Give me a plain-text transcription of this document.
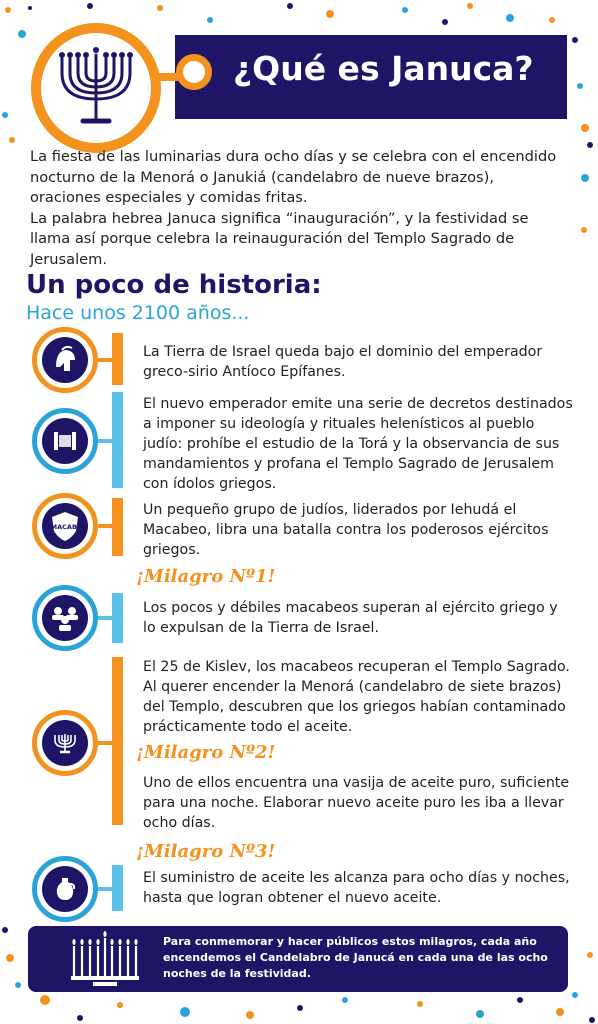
¿Qué es Januca?

La fiesta de las luminarias dura ocho días y se celebra con el encendido nocturno de la Menorá o Janukiá (candelabro de nueve brazos), oraciones especiales y comidas fritas.

La palabra hebrea Januca significa “inauguración”, y la festividad se llama así porque celebra la reinauguración del Templo Sagrado de Jerusalem.

Un poco de historia:
Hace unos 2100 años...
La Tierra de Israel queda bajo el dominio del emperador greco-sirio Antíoco Epífanes.
El nuevo emperador emite una serie de decretos destinados a imponer su ideología y rituales helenísticos al pueblo judío: prohíbe el estudio de la Torá y la observancia de sus mandamientos y profana el Templo Sagrado de Jerusalem con ídolos griegos.
MACABI
Un pequeño grupo de judíos, liderados por Iehudá el Macabeo, libra una batalla contra los poderosos ejércitos griegos.
¡Milagro Nº1!
Los pocos y débiles macabeos superan al ejército griego y lo expulsan de la Tierra de Israel.
El 25 de Kislev, los macabeos recuperan el Templo Sagrado. Al querer encender la Menorá (candelabro de siete brazos) del Templo, descubren que los griegos habían contaminado prácticamente todo el aceite.
¡Milagro Nº2!
Uno de ellos encuentra una vasija de aceite puro, suficiente para una noche. Elaborar nuevo aceite puro les iba a llevar ocho días.
¡Milagro Nº3!
El suministro de aceite les alcanza para ocho días y noches, hasta que logran obtener el nuevo aceite.
Para conmemorar y hacer públicos estos milagros, cada año encendemos el Candelabro de Janucá en cada una de las ocho noches de la festividad.
